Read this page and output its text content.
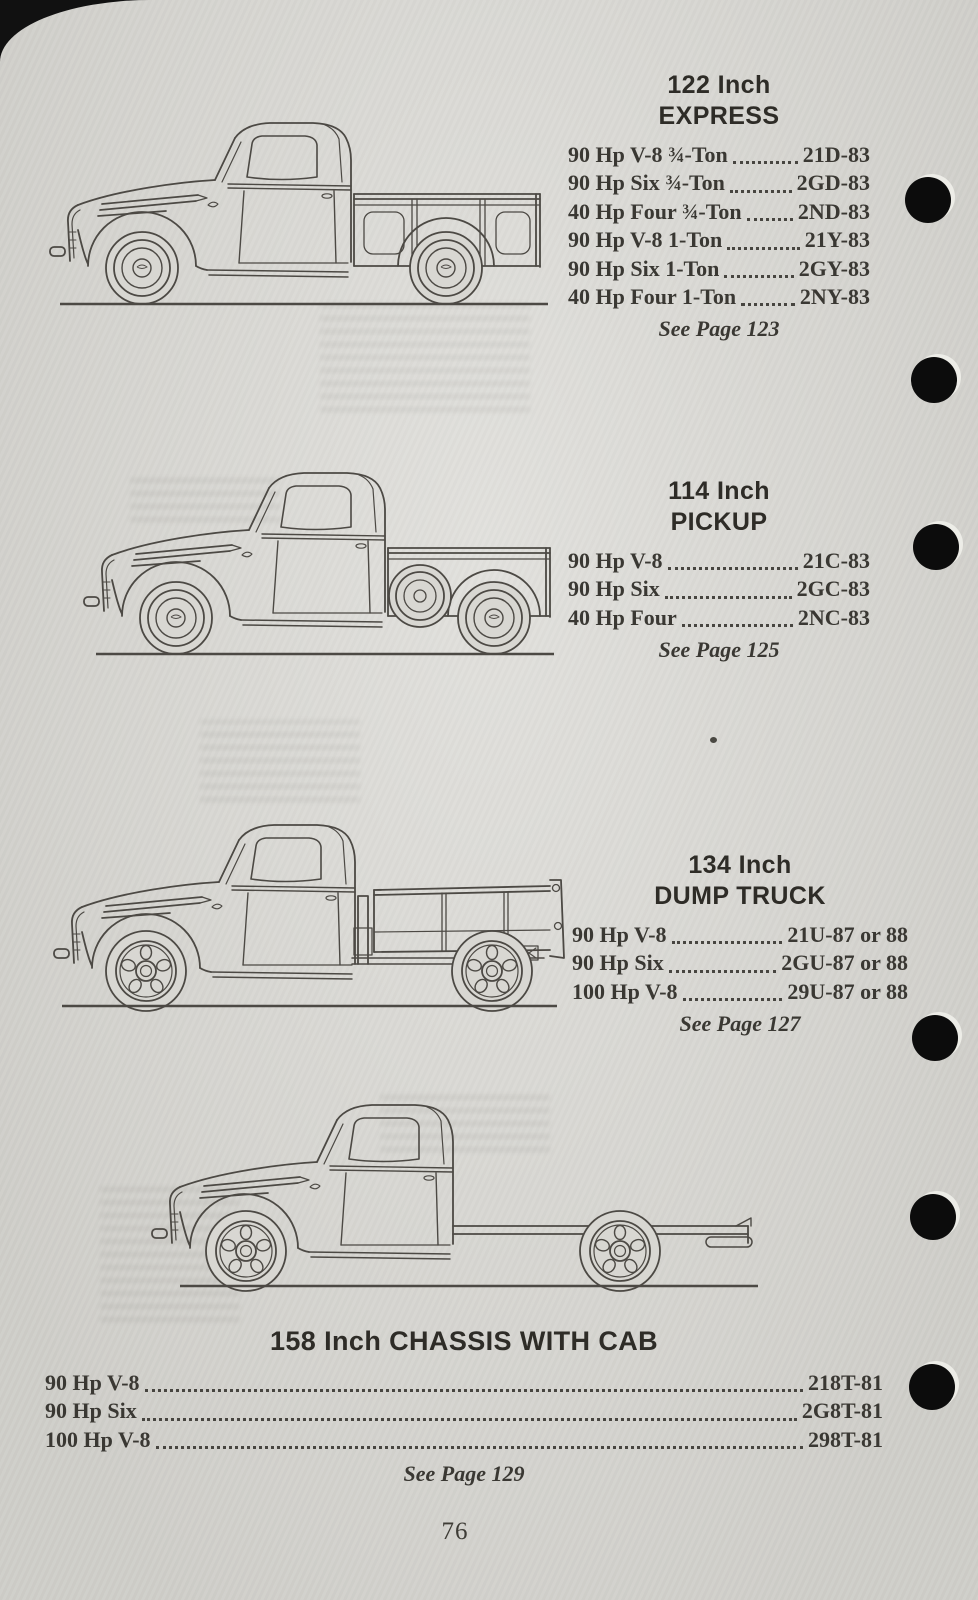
122 Inch
EXPRESS
90 Hp V-8 ¾-Ton	21D-83
90 Hp Six ¾-Ton	2GD-83
40 Hp Four ¾-Ton	2ND-83
90 Hp V-8 1-Ton	21Y-83
90 Hp Six 1-Ton	2GY-83
40 Hp Four 1-Ton	2NY-83
See Page 123
114 Inch
PICKUP
90 Hp V-8	21C-83
90 Hp Six	2GC-83
40 Hp Four	2NC-83
See Page 125
134 Inch
DUMP TRUCK
90 Hp V-8	21U-87 or 88
90 Hp Six	2GU-87 or 88
100 Hp V-8	29U-87 or 88
See Page 127
158 Inch CHASSIS WITH CAB
90 Hp V-8	218T-81
90 Hp Six	2G8T-81
100 Hp V-8	298T-81
See Page 129
76
